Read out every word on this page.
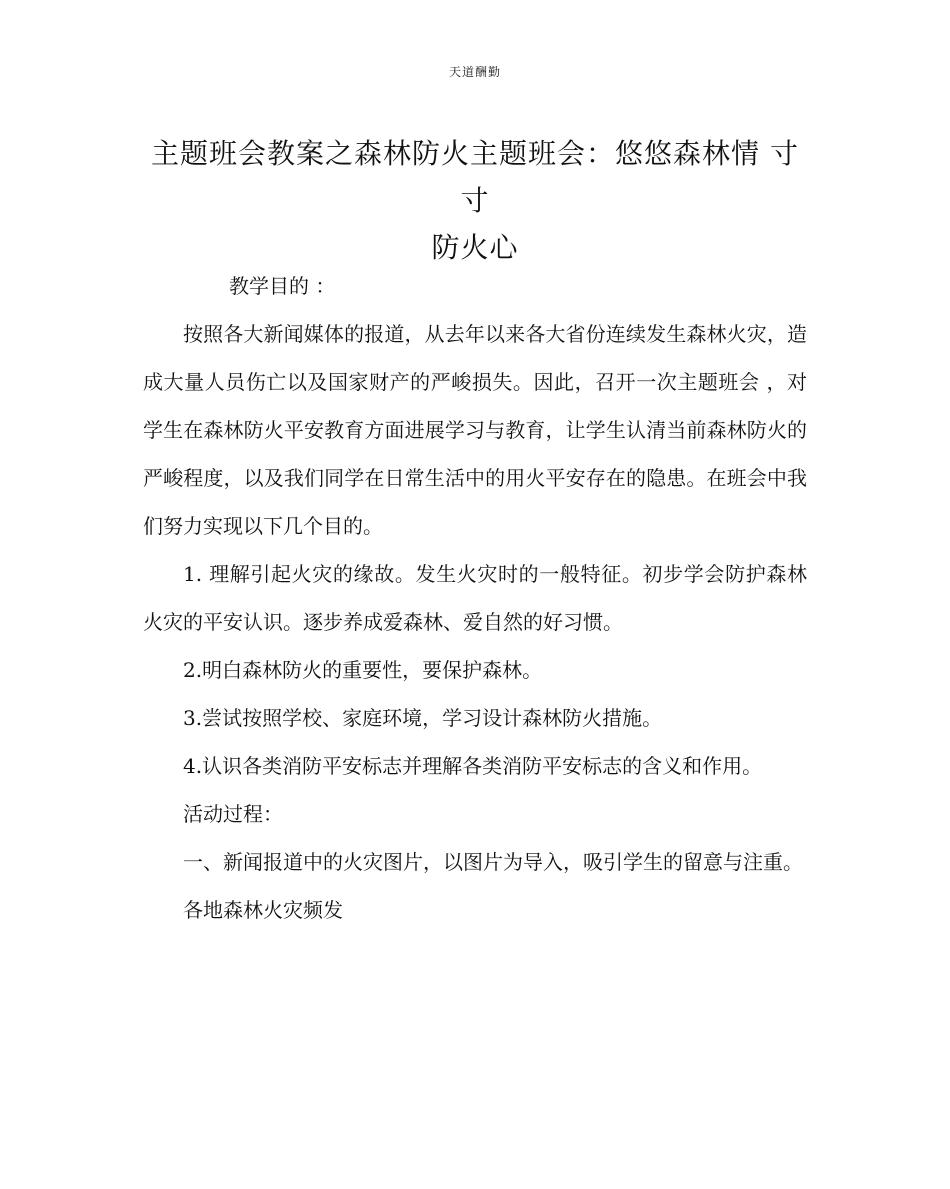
天道酬勤
主题班会教案之森林防火主题班会：悠悠森林情 寸寸
防火心

教学目的 ：

按照各大新闻媒体的报道，从去年以来各大省份连续发生森林火灾，造成大量人员伤亡以及国家财产的严峻损失。因此，召开一次主题班会 ，对学生在森林防火平安教育方面进展学习与教育，让学生认清当前森林防火的严峻程度，以及我们同学在日常生活中的用火平安存在的隐患。在班会中我们努力实现以下几个目的。

1. 理解引起火灾的缘故。发生火灾时的一般特征。初步学会防护森林火灾的平安认识。逐步养成爱森林、爱自然的好习惯。

2.明白森林防火的重要性，要保护森林。

3.尝试按照学校、家庭环境，学习设计森林防火措施。

4.认识各类消防平安标志并理解各类消防平安标志的含义和作用。

活动过程：

一、新闻报道中的火灾图片，以图片为导入，吸引学生的留意与注重。

各地森林火灾频发
